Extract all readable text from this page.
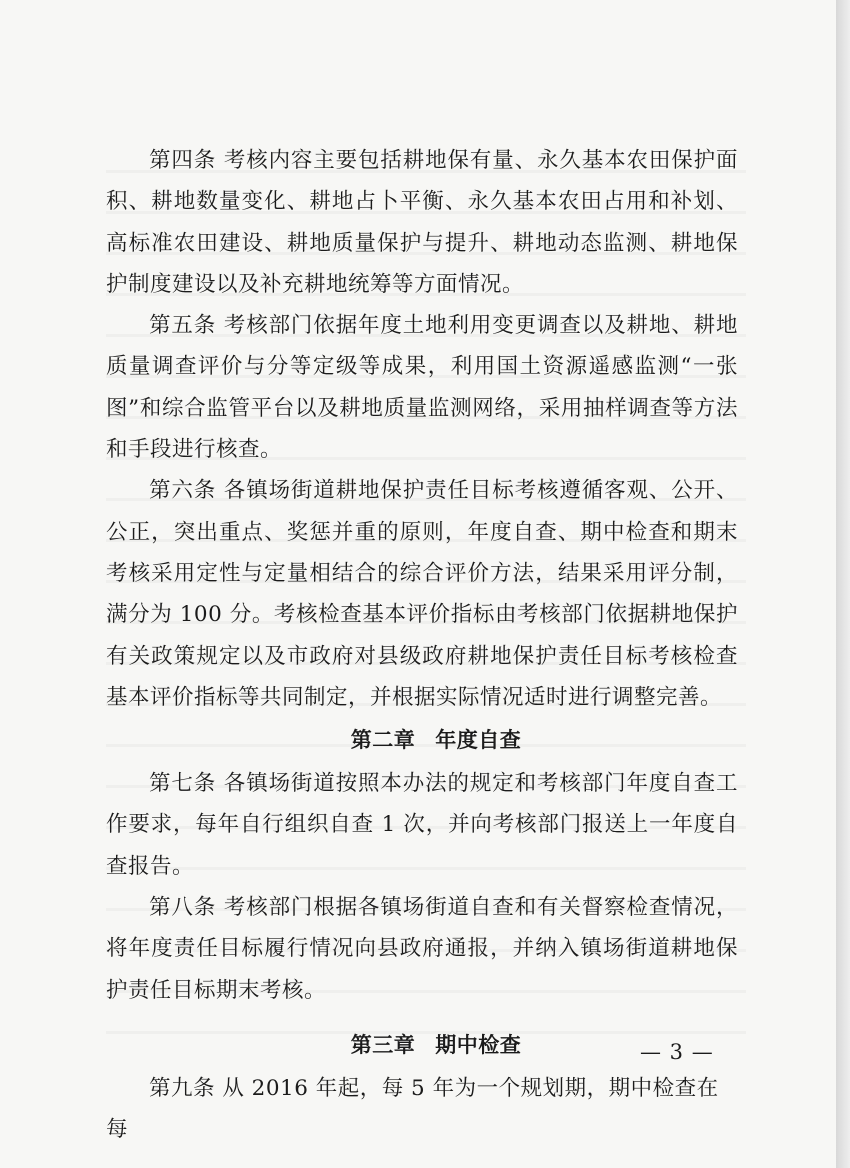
第四条 考核内容主要包括耕地保有量、永久基本农田保护面积、耕地数量变化、耕地占卜平衡、永久基本农田占用和补划、高标准农田建设、耕地质量保护与提升、耕地动态监测、耕地保护制度建设以及补充耕地统筹等方面情况。

第五条 考核部门依据年度土地利用变更调查以及耕地、耕地质量调查评价与分等定级等成果，利用国土资源遥感监测“一张图”和综合监管平台以及耕地质量监测网络，采用抽样调查等方法和手段进行核查。

第六条 各镇场街道耕地保护责任目标考核遵循客观、公开、公正，突出重点、奖惩并重的原则，年度自查、期中检查和期末考核采用定性与定量相结合的综合评价方法，结果采用评分制，满分为 100 分。考核检查基本评价指标由考核部门依据耕地保护有关政策规定以及市政府对县级政府耕地保护责任目标考核检查基本评价指标等共同制定，并根据实际情况适时进行调整完善。

第二章 年度自查

第七条 各镇场街道按照本办法的规定和考核部门年度自查工作要求，每年自行组织自查 1 次，并向考核部门报送上一年度自查报告。

第八条 考核部门根据各镇场街道自查和有关督察检查情况，将年度责任目标履行情况向县政府通报，并纳入镇场街道耕地保护责任目标期末考核。

第三章 期中检查

第九条 从 2016 年起，每 5 年为一个规划期，期中检查在每

— 3 —
